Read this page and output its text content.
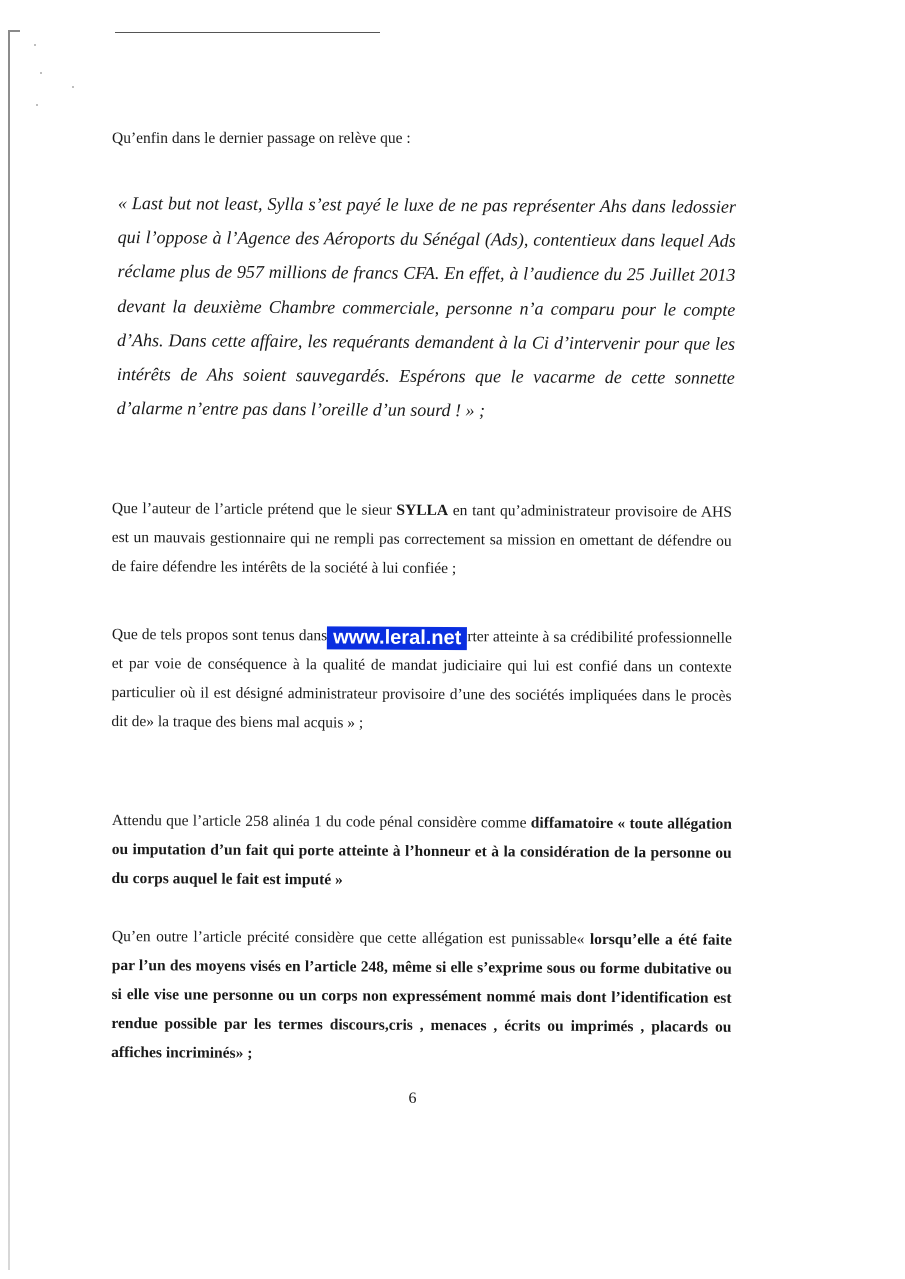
Qu’enfin dans le dernier passage on relève que :

« Last but not least, Sylla s’est payé le luxe de ne pas représenter Ahs dans ledossier qui l’oppose à l’Agence des Aéroports du Sénégal (Ads), contentieux dans lequel Ads réclame plus de 957 millions de francs CFA. En effet, à l’audience du 25 Juillet 2013 devant la deuxième Chambre commerciale, personne n’a comparu pour le compte d’Ahs. Dans cette affaire, les requérants demandent à la Ci d’intervenir pour que les intérêts de Ahs soient sauvegardés. Espérons que le vacarme de cette sonnette d’alarme n’entre pas dans l’oreille d’un sourd ! » ;

Que l’auteur de l’article prétend que le sieur SYLLA en tant qu’administrateur provisoire de AHS est un mauvais gestionnaire qui ne rempli pas correctement sa mission en omettant de défendre ou de faire défendre les intérêts de la société à lui confiée ;

Que de tels propos sont tenus dans www.leral.net rter atteinte à sa crédibilité professionnelle et par voie de conséquence à la qualité de mandat judiciaire qui lui est confié dans un contexte particulier où il est désigné administrateur provisoire d’une des sociétés impliquées dans le procès dit de» la traque des biens mal acquis » ;

Attendu que l’article 258 alinéa 1 du code pénal considère comme diffamatoire « toute allégation ou imputation d’un fait qui porte atteinte à l’honneur et à la considération de la personne ou du corps auquel le fait est imputé »

Qu’en outre l’article précité considère que cette allégation est punissable« lorsqu’elle a été faite par l’un des moyens visés en l’article 248, même si elle s’exprime sous ou forme dubitative ou si elle vise une personne ou un corps non expressément nommé mais dont l’identification est rendue possible par les termes discours,cris , menaces , écrits ou imprimés , placards ou affiches incriminés» ;

6
